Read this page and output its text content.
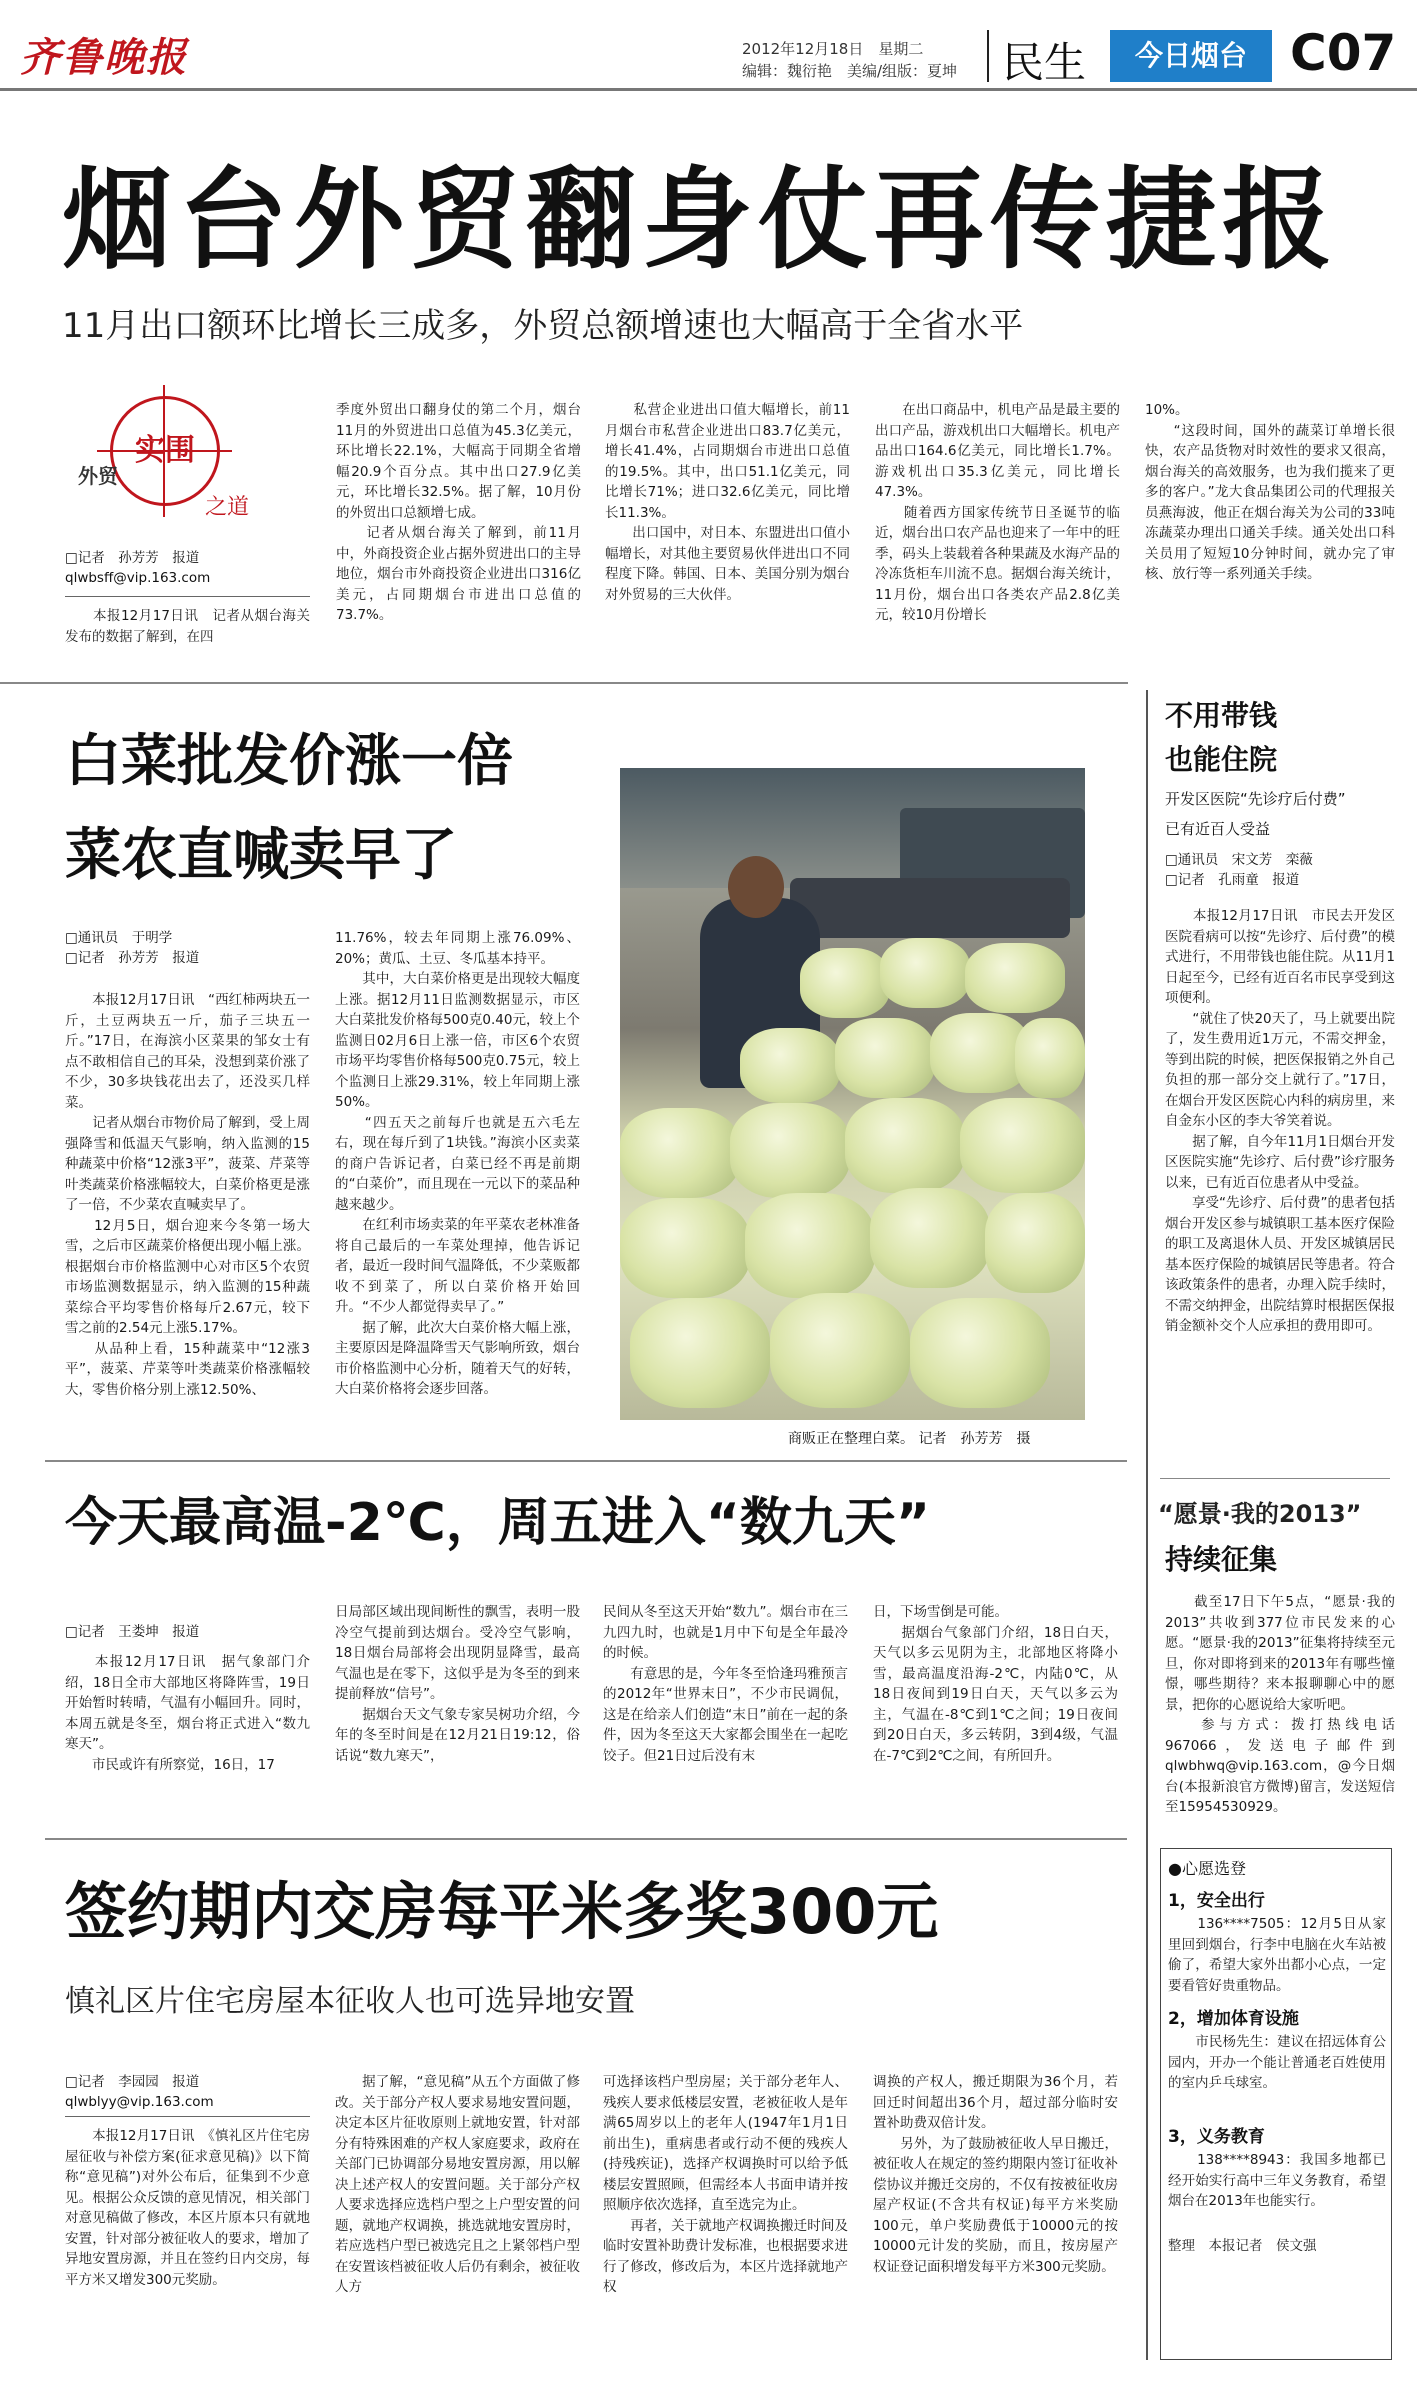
齐鲁晚报	2012年12月18日　星期二
编辑：魏衍艳　美编/组版：夏坤 民生	今日烟台 C07
烟台外贸翻身仗再传捷报
11月出口额环比增长三成多，外贸总额增速也大幅高于全省水平
外贸
实围
之道
□记者　孙芳芳　报道
qlwbsff@vip.163.com
　　本报12月17日讯　记者从烟台海关发布的数据了解到，在四
季度外贸出口翻身仗的第二个月，烟台11月的外贸进出口总值为45.3亿美元，环比增长22.1%，大幅高于同期全省增幅20.9个百分点。其中出口27.9亿美元，环比增长32.5%。据了解，10月份的外贸出口总额增七成。
　　记者从烟台海关了解到，前11月中，外商投资企业占据外贸进出口的主导地位，烟台市外商投资企业进出口316亿美元，占同期烟台市进出口总值的73.7%。
　　私营企业进出口值大幅增长，前11月烟台市私营企业进出口83.7亿美元，增长41.4%，占同期烟台市进出口总值的19.5%。其中，出口51.1亿美元，同比增长71%；进口32.6亿美元，同比增长11.3%。
　　出口国中，对日本、东盟进出口值小幅增长，对其他主要贸易伙伴进出口不同程度下降。韩国、日本、美国分别为烟台对外贸易的三大伙伴。
　　在出口商品中，机电产品是最主要的出口产品，游戏机出口大幅增长。机电产品出口164.6亿美元，同比增长1.7%。游戏机出口35.3亿美元，同比增长47.3%。
　　随着西方国家传统节日圣诞节的临近，烟台出口农产品也迎来了一年中的旺季，码头上装载着各种果蔬及水海产品的冷冻货柜车川流不息。据烟台海关统计，11月份，烟台出口各类农产品2.8亿美元，较10月份增长
10%。
　　“这段时间，国外的蔬菜订单增长很快，农产品货物对时效性的要求又很高，烟台海关的高效服务，也为我们揽来了更多的客户。”龙大食品集团公司的代理报关员燕海波，他正在烟台海关为公司的33吨冻蔬菜办理出口通关手续。通关处出口科关员用了短短10分钟时间，就办完了审核、放行等一系列通关手续。
白菜批发价涨一倍
菜农直喊卖早了
□通讯员　于明学
□记者　孙芳芳　报道
　　本报12月17日讯　“西红柿两块五一斤，土豆两块五一斤，茄子三块五一斤。”17日，在海滨小区菜果的邹女士有点不敢相信自己的耳朵，没想到菜价涨了不少，30多块钱花出去了，还没买几样菜。
　　记者从烟台市物价局了解到，受上周强降雪和低温天气影响，纳入监测的15种蔬菜中价格“12涨3平”，菠菜、芹菜等叶类蔬菜价格涨幅较大，白菜价格更是涨了一倍，不少菜农直喊卖早了。
　　12月5日，烟台迎来今冬第一场大雪，之后市区蔬菜价格便出现小幅上涨。根据烟台市价格监测中心对市区5个农贸市场监测数据显示，纳入监测的15种蔬菜综合平均零售价格每斤2.67元，较下雪之前的2.54元上涨5.17%。
　　从品种上看，15种蔬菜中“12涨3平”，菠菜、芹菜等叶类蔬菜价格涨幅较大，零售价格分别上涨12.50%、
11.76%，较去年同期上涨76.09%、20%；黄瓜、土豆、冬瓜基本持平。
　　其中，大白菜价格更是出现较大幅度上涨。据12月11日监测数据显示，市区大白菜批发价格每500克0.40元，较上个监测日02月6日上涨一倍，市区6个农贸市场平均零售价格每500克0.75元，较上个监测日上涨29.31%，较上年同期上涨50%。
　　“四五天之前每斤也就是五六毛左右，现在每斤到了1块钱。”海滨小区卖菜的商户告诉记者，白菜已经不再是前期的“白菜价”，而且现在一元以下的菜品种越来越少。
　　在红利市场卖菜的年平菜农老林准备将自己最后的一车菜处理掉，他告诉记者，最近一段时间气温降低，不少菜贩都收不到菜了，所以白菜价格开始回升。“不少人都觉得卖早了。”
　　据了解，此次大白菜价格大幅上涨，主要原因是降温降雪天气影响所致，烟台市价格监测中心分析，随着天气的好转，大白菜价格将会逐步回落。
商贩正在整理白菜。 记者　孙芳芳　摄
今天最高温-2℃，周五进入“数九天”
□记者　王娄坤　报道
　　本报12月17日讯　据气象部门介绍，18日全市大部地区将降阵雪，19日开始暂时转晴，气温有小幅回升。同时，本周五就是冬至，烟台将正式进入“数九寒天”。
　　市民或许有所察觉，16日，17
日局部区域出现间断性的飘雪，表明一股冷空气提前到达烟台。受冷空气影响，18日烟台局部将会出现阴显降雪，最高气温也是在零下，这似乎是为冬至的到来提前释放“信号”。
　　据烟台天文气象专家吴树功介绍，今年的冬至时间是在12月21日19:12，俗话说“数九寒天”，
民间从冬至这天开始“数九”。烟台市在三九四九时，也就是1月中下旬是全年最冷的时候。
　　有意思的是，今年冬至恰逢玛雅预言的2012年“世界末日”，不少市民调侃，这是在给亲人们创造“末日”前在一起的条件，因为冬至这天大家都会围坐在一起吃饺子。但21日过后没有末
日，下场雪倒是可能。
　　据烟台气象部门介绍，18日白天，天气以多云见阴为主，北部地区将降小雪，最高温度沿海-2℃，内陆0℃，从18日夜间到19日白天，天气以多云为主，气温在-8℃到1℃之间；19日夜间到20日白天，多云转阴，3到4级，气温在-7℃到2℃之间，有所回升。
签约期内交房每平米多奖300元
慎礼区片住宅房屋本征收人也可选异地安置
□记者　李园园　报道
qlwblyy@vip.163.com
　　本报12月17日讯　《慎礼区片住宅房屋征收与补偿方案(征求意见稿)》以下简称“意见稿”)对外公布后，征集到不少意见。根据公众反馈的意见情况，相关部门对意见稿做了修改，本区片原本只有就地安置，针对部分被征收人的要求，增加了异地安置房源，并且在签约日内交房，每平方米又增发300元奖励。
　　据了解，“意见稿”从五个方面做了修改。关于部分产权人要求易地安置问题，决定本区片征收原则上就地安置，针对部分有特殊困难的产权人家庭要求，政府在关部门已协调部分易地安置房源，用以解决上述产权人的安置问题。关于部分产权人要求选择应选档户型之上户型安置的问题，就地产权调换，挑选就地安置房时，若应选档户型已被选完且之上紧邻档户型在安置该档被征收人后仍有剩余，被征收人方
可选择该档户型房屋；关于部分老年人、残疾人要求低楼层安置，老被征收人是年满65周岁以上的老年人(1947年1月1日前出生)，重病患者或行动不便的残疾人(持残疾证)，选择产权调换时可以给予低楼层安置照顾，但需经本人书面申请并按照顺序依次选择，直至选完为止。
　　再者，关于就地产权调换搬迁时间及临时安置补助费计发标准，也根据要求进行了修改，修改后为，本区片选择就地产权
调换的产权人，搬迁期限为36个月，若回迁时间超出36个月，超过部分临时安置补助费双倍计发。
　　另外，为了鼓励被征收人早日搬迁，被征收人在规定的签约期限内签订征收补偿协议并搬迁交房的，不仅有按被征收房屋产权证(不含共有权证)每平方米奖励100元，单户奖励费低于10000元的按10000元计发的奖励，而且，按房屋产权证登记面积增发每平方米300元奖励。
不用带钱
也能住院
开发区医院“先诊疗后付费”
已有近百人受益
□通讯员　宋文芳　栾薇
□记者　孔雨童　报道
　　本报12月17日讯　市民去开发区医院看病可以按“先诊疗、后付费”的模式进行，不用带钱也能住院。从11月1日起至今，已经有近百名市民享受到这项便利。
　　“就住了快20天了，马上就要出院了，发生费用近1万元，不需交押金，等到出院的时候，把医保报销之外自己负担的那一部分交上就行了。”17日，在烟台开发区医院心内科的病房里，来自金东小区的李大爷笑着说。
　　据了解，自今年11月1日烟台开发区医院实施“先诊疗、后付费”诊疗服务以来，已有近百位患者从中受益。
　　享受“先诊疗、后付费”的患者包括烟台开发区参与城镇职工基本医疗保险的职工及离退休人员、开发区城镇居民基本医疗保险的城镇居民等患者。符合该政策条件的患者，办理入院手续时，不需交纳押金，出院结算时根据医保报销金额补交个人应承担的费用即可。
“愿景·我的2013”
持续征集
　　截至17日下午5点，“愿景·我的2013”共收到377位市民发来的心愿。“愿景·我的2013”征集将持续至元旦，你对即将到来的2013年有哪些憧憬，哪些期待？来本报聊聊心中的愿景，把你的心愿说给大家听吧。
　　参与方式：拨打热线电话967066，发送电子邮件到qlwbhwq@vip.163.com，@今日烟台(本报新浪官方微博)留言，发送短信至15954530929。
●心愿选登
1，安全出行
　　136****7505：12月5日从家里回到烟台，行李中电脑在火车站被偷了，希望大家外出都小心点，一定要看管好贵重物品。
2，增加体育设施
　　市民杨先生：建议在招远体育公园内，开办一个能让普通老百姓使用的室内乒乓球室。
3，义务教育
　　138****8943：我国多地都已经开始实行高中三年义务教育，希望烟台在2013年也能实行。
整理　本报记者　侯文强
